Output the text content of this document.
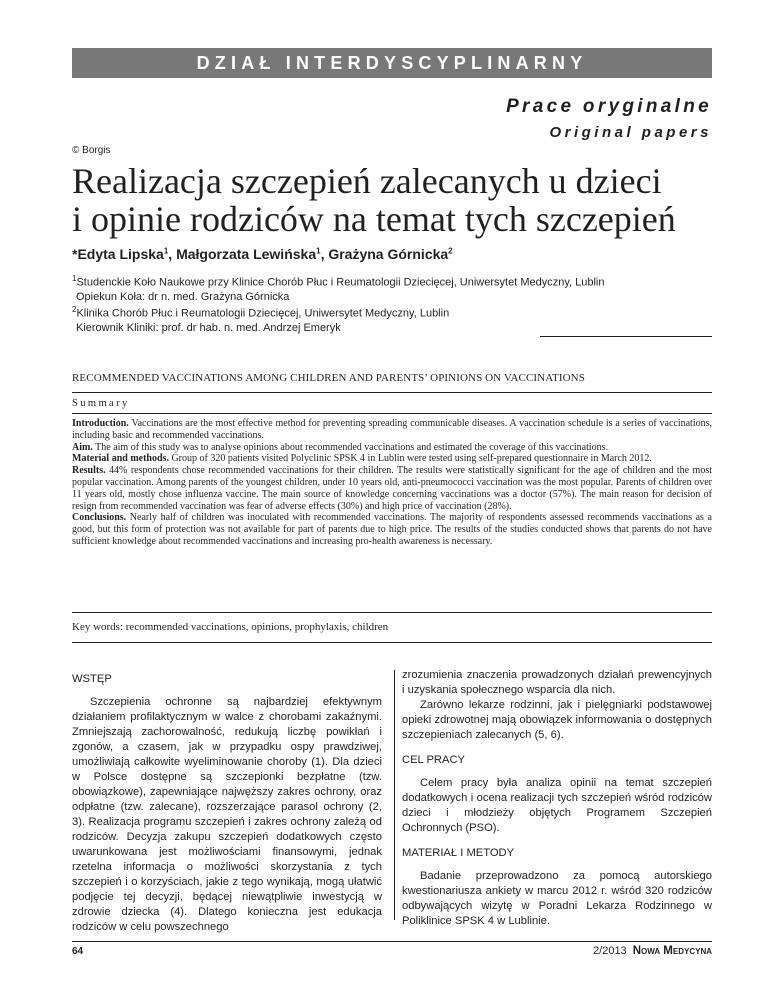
DZIAŁ INTERDYSCYPLINARNY
Prace oryginalne
Original papers
© Borgis
Realizacja szczepień zalecanych u dzieci
i opinie rodziców na temat tych szczepień
*Edyta Lipska$^1$, Małgorzata Lewińska$^1$, Grażyna Górnicka$^2$
$^1$Studenckie Koło Naukowe przy Klinice Chorób Płuc i Reumatologii Dziecięcej, Uniwersytet Medyczny, Lublin
Opiekun Koła: dr n. med. Grażyna Górnicka
$^2$Klinika Chorób Płuc i Reumatologii Dziecięcej, Uniwersytet Medyczny, Lublin
Kierownik Kliniki: prof. dr hab. n. med. Andrzej Emeryk
RECOMMENDED VACCINATIONS AMONG CHILDREN AND PARENTS’ OPINIONS ON VACCINATIONS
Summary

Introduction. Vaccinations are the most effective method for preventing spreading communicable diseases. A vaccination schedule is a series of vaccinations, including basic and recommended vaccinations.

Aim. The aim of this study was to analyse opinions about recommended vaccinations and estimated the coverage of this vaccinations.

Material and methods. Group of 320 patients visited Polyclinic SPSK 4 in Lublin were tested using self-prepared questionnaire in March 2012.

Results. 44% respondents chose recommended vaccinations for their children. The results were statistically significant for the age of children and the most popular vaccination. Among parents of the youngest children, under 10 years old, anti-pneumococci vaccination was the most popular. Parents of children over 11 years old, mostly chose influenza vaccine. The main source of knowledge concerning vaccinations was a doctor (57%). The main reason for decision of resign from recommended vaccination was fear of adverse effects (30%) and high price of vaccination (28%).

Conclusions. Nearly half of children was inoculated with recommended vaccinations. The majority of respondents assessed recommends vaccinations as a good, but this form of protection was not available for part of parents due to high price. The results of the studies conducted shows that parents do not have sufficient knowledge about recommended vaccinations and increasing pro-health awareness is necessary.

Key words: recommended vaccinations, opinions, prophylaxis, children
WSTĘP

Szczepienia ochronne są najbardziej efektywnym działaniem profilaktycznym w walce z chorobami zakaźnymi. Zmniejszają zachorowalność, redukują liczbę powikłań i zgonów, a czasem, jak w przypadku ospy prawdziwej, umożliwiają całkowite wyeliminowanie choroby (1). Dla dzieci w Polsce dostępne są szczepionki bezpłatne (tzw. obowiązkowe), zapewniające najwęższy zakres ochrony, oraz odpłatne (tzw. zalecane), rozszerzające parasol ochrony (2, 3). Realizacja programu szczepień i zakres ochrony zależą od rodziców. Decyzja zakupu szczepień dodatkowych często uwarunkowana jest możliwościami finansowymi, jednak rzetelna informacja o możliwości skorzystania z tych szczepień i o korzyściach, jakie z tego wynikają, mogą ułatwić podjęcie tej decyzji, będącej niewątpliwie inwestycją w zdrowie dziecka (4). Dlatego konieczna jest edukacja rodziców w celu powszechnego

zrozumienia znaczenia prowadzonych działań prewencyjnych i uzyskania społecznego wsparcia dla nich.

Zarówno lekarze rodzinni, jak i pielęgniarki podstawowej opieki zdrowotnej mają obowiązek informowania o dostępnych szczepieniach zalecanych (5, 6).

CEL PRACY

Celem pracy była analiza opinii na temat szczepień dodatkowych i ocena realizacji tych szczepień wśród rodziców dzieci i młodzieży objętych Programem Szczepień Ochronnych (PSO).

MATERIAŁ I METODY

Badanie przeprowadzono za pomocą autorskiego kwestionariusza ankiety w marcu 2012 r. wśród 320 rodziców odbywających wizytę w Poradni Lekarza Rodzinnego w Poliklinice SPSK 4 w Lublinie.

64	2/2013 Nowa Medycyna
